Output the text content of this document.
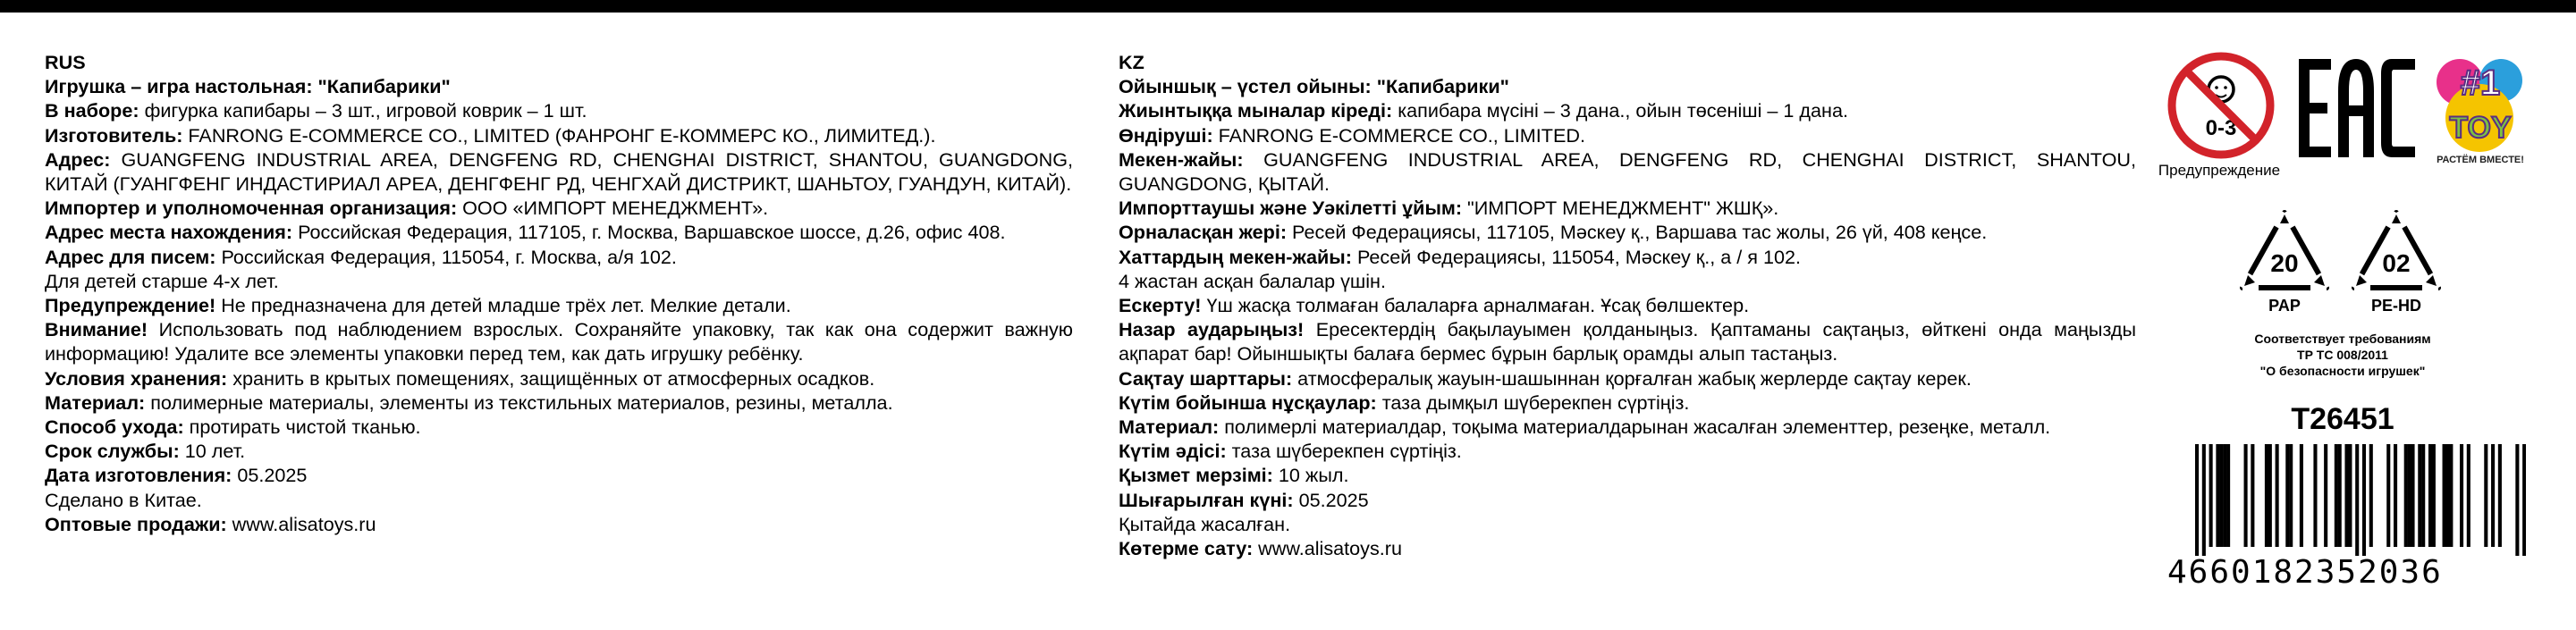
RUS
Игрушка – игра настольная: "Капибарики"
В наборе: фигурка капибары – 3 шт., игровой коврик – 1 шт.
Изготовитель: FANRONG E-COMMERCE CO., LIMITED (ФАНРОНГ Е-КОММЕРС КО., ЛИМИТЕД.).
Адрес: GUANGFENG INDUSTRIAL AREA, DENGFENG RD, CHENGHAI DISTRICT, SHANTOU, GUANGDONG, КИТАЙ (ГУАНГФЕНГ ИНДАСТИРИАЛ АРЕА, ДЕНГФЕНГ РД, ЧЕНГХАЙ ДИСТРИКТ, ШАНЬТОУ, ГУАНДУН, КИТАЙ).
Импортер и уполномоченная организация: ООО «ИМПОРТ МЕНЕДЖМЕНТ».
Адрес места нахождения: Российская Федерация, 117105, г. Москва, Варшавское шоссе, д.26, офис 408.
Адрес для писем: Российская Федерация, 115054, г. Москва, а/я 102.
Для детей старше 4-х лет.
Предупреждение! Не предназначена для детей младше трёх лет. Мелкие детали.
Внимание! Использовать под наблюдением взрослых. Сохраняйте упаковку, так как она содержит важную информацию! Удалите все элементы упаковки перед тем, как дать игрушку ребёнку.
Условия хранения: хранить в крытых помещениях, защищённых от атмосферных осадков.
Материал: полимерные материалы, элементы из текстильных материалов, резины, металла.
Способ ухода: протирать чистой тканью.
Срок службы: 10 лет.
Дата изготовления: 05.2025
Сделано в Китае.
Оптовые продажи: www.alisatoys.ru
KZ
Ойыншық – үстел ойыны: "Капибарики"
Жиынтыққа мыналар кіреді: капибара мүсіні – 3 дана., ойын төсеніші – 1 дана.
Өндіруші: FANRONG E-COMMERCE CO., LIMITED.
Мекен-жайы: GUANGFENG INDUSTRIAL AREA, DENGFENG RD, CHENGHAI DISTRICT, SHANTOU, GUANGDONG, ҚЫТАЙ.
Импорттаушы және Уәкілетті ұйым: "ИМПОРТ МЕНЕДЖМЕНТ" ЖШҚ».
Орналасқан жері: Ресей Федерациясы, 117105, Мәскеу қ., Варшава тас жолы, 26 үй, 408 кеңсе.
Хаттардың мекен-жайы: Ресей Федерациясы, 115054, Мәскеу қ., а / я 102.
4 жастан асқан балалар үшін.
Ескерту! Үш жасқа толмаған балаларға арналмаған. Ұсақ бөлшектер.
Назар аударыңыз! Ересектердің бақылауымен қолданыңыз. Қаптаманы сақтаңыз, өйткені онда маңызды ақпарат бар! Ойыншықты балаға бермес бұрын барлық орамды алып тастаңыз.
Сақтау шарттары: атмосфералық жауын-шашыннан қорғалған жабық жерлерде сақтау керек.
Күтім бойынша нұсқаулар: таза дымқыл шүберекпен сүртіңіз.
Материал: полимерлі материалдар, тоқыма материалдарынан жасалған элементтер, резеңке, металл.
Күтім әдісі: таза шүберекпен сүртіңіз.
Қызмет мерзімі: 10 жыл.
Шығарылған күні: 05.2025
Қытайда жасалған.
Көтерме сату: www.alisatoys.ru
0-3
Предупреждение
#1
TOY
РАСТЁМ ВМЕСТЕ!
20
PAP
02
PE-HD
Соответствует требованиям
ТР ТС 008/2011
"О безопасности игрушек"
T26451
4660182352036
